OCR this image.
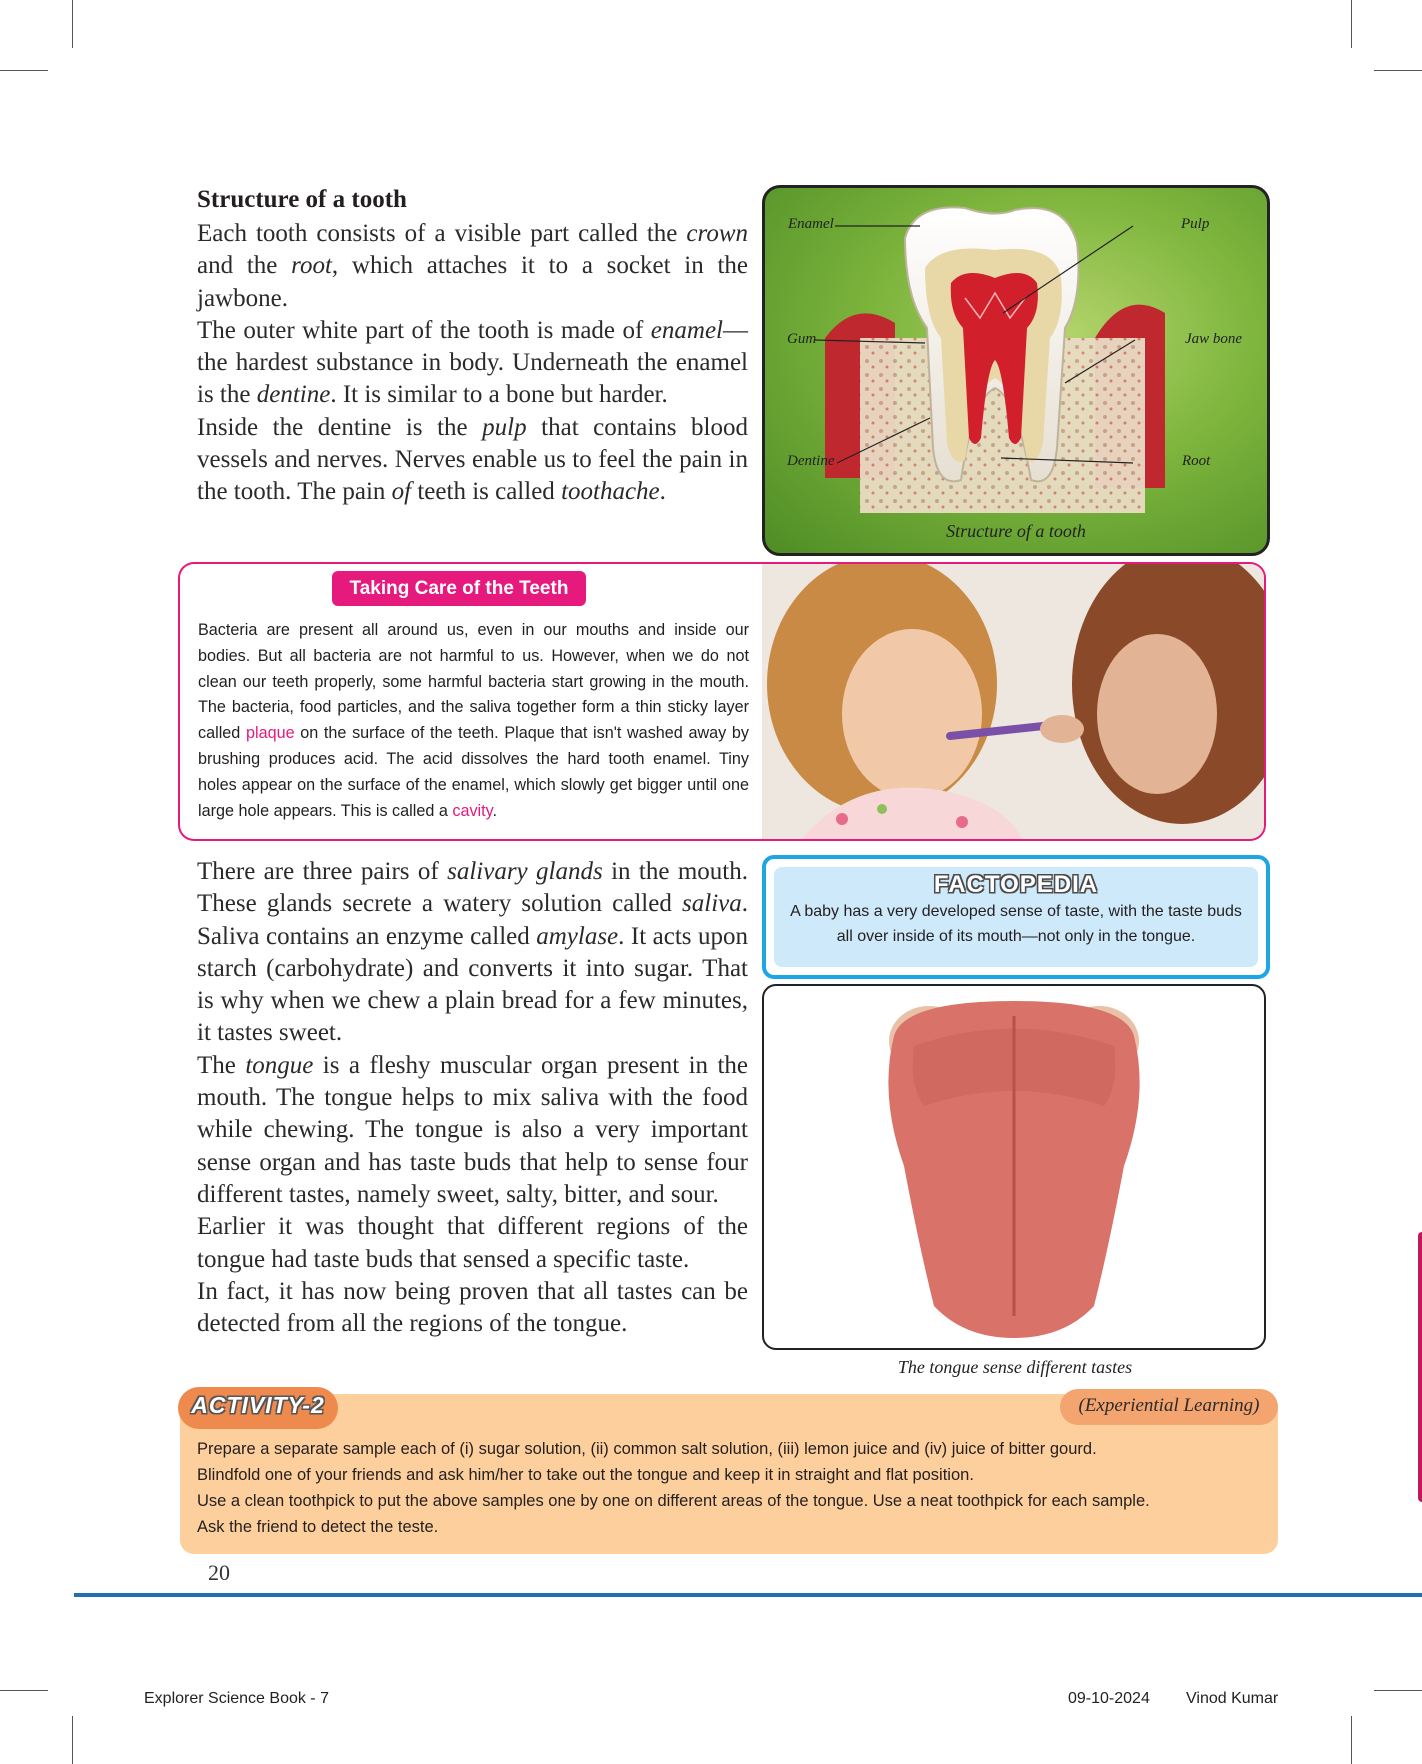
Structure of a tooth

Each tooth consists of a visible part called the crown and the root, which attaches it to a socket in the jawbone.

The outer white part of the tooth is made of enamel—the hardest substance in body. Underneath the enamel is the dentine. It is similar to a bone but harder.

Inside the dentine is the pulp that contains blood vessels and nerves. Nerves enable us to feel the pain in the tooth. The pain of teeth is called toothache.

Enamel	Pulp
Gum	Jaw bone
Dentine	Root
Structure of a tooth
Taking Care of the Teeth
Bacteria are present all around us, even in our mouths and inside our bodies. But all bacteria are not harmful to us. However, when we do not clean our teeth properly, some harmful bacteria start growing in the mouth. The bacteria, food particles, and the saliva together form a thin sticky layer called plaque on the surface of the teeth. Plaque that isn't washed away by brushing produces acid. The acid dissolves the hard tooth enamel. Tiny holes appear on the surface of the enamel, which slowly get bigger until one large hole appears. This is called a cavity.

There are three pairs of salivary glands in the mouth. These glands secrete a watery solution called saliva. Saliva contains an enzyme called amylase. It acts upon starch (carbohydrate) and converts it into sugar. That is why when we chew a plain bread for a few minutes, it tastes sweet.

The tongue is a fleshy muscular organ present in the mouth. The tongue helps to mix saliva with the food while chewing. The tongue is also a very important sense organ and has taste buds that help to sense four different tastes, namely sweet, salty, bitter, and sour.

Earlier it was thought that different regions of the tongue had taste buds that sensed a specific taste.

In fact, it has now being proven that all tastes can be detected from all the regions of the tongue.

FACTOPEDIA
A baby has a very developed sense of taste, with the taste buds all over inside of its mouth—not only in the tongue.
The tongue sense different tastes
ACTIVITY-2	(Experiential Learning)
Prepare a separate sample each of (i) sugar solution, (ii) common salt solution, (iii) lemon juice and (iv) juice of bitter gourd.
Blindfold one of your friends and ask him/her to take out the tongue and keep it in straight and flat position.
Use a clean toothpick to put the above samples one by one on different areas of the tongue. Use a neat toothpick for each sample.
Ask the friend to detect the teste.
20
Explorer Science Book - 7	09-10-2024 Vinod Kumar
